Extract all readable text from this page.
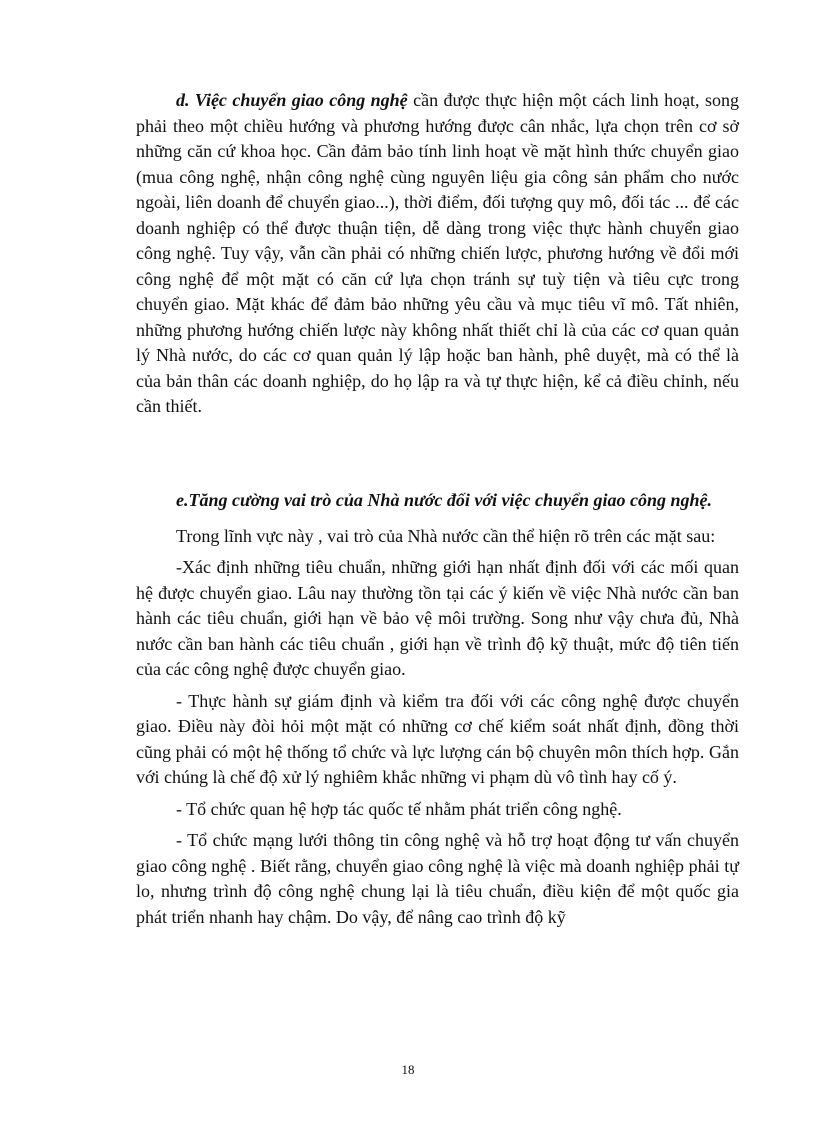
d. Việc chuyển giao công nghệ cần được thực hiện một cách linh hoạt, song phải theo một chiều hướng và phương hướng được cân nhắc, lựa chọn trên cơ sở những căn cứ khoa học. Cần đảm bảo tính linh hoạt về mặt hình thức chuyển giao (mua công nghệ, nhận công nghệ cùng nguyên liệu gia công sản phẩm cho nước ngoài, liên doanh để chuyển giao...), thời điểm, đối tượng quy mô, đối tác ... để các doanh nghiệp có thể được thuận tiện, dễ dàng trong việc thực hành chuyển giao công nghệ. Tuy vậy, vẫn cần phải có những chiến lược, phương hướng về đổi mới công nghệ để một mặt có căn cứ lựa chọn tránh sự tuỳ tiện và tiêu cực trong chuyển giao. Mặt khác để đảm bảo những yêu cầu và mục tiêu vĩ mô. Tất nhiên, những phương hướng chiến lược này không nhất thiết chỉ là của các cơ quan quản lý Nhà nước, do các cơ quan quản lý lập hoặc ban hành, phê duyệt, mà có thể là của bản thân các doanh nghiệp, do họ lập ra và tự thực hiện, kể cả điều chỉnh, nếu cần thiết.

e.Tăng cường vai trò của Nhà nước đối với việc chuyển giao công nghệ.

Trong lĩnh vực này , vai trò của Nhà nước cần thể hiện rõ trên các mặt sau:

-Xác định những tiêu chuẩn, những giới hạn nhất định đối với các mối quan hệ được chuyển giao. Lâu nay thường tồn tại các ý kiến về việc Nhà nước cần ban hành các tiêu chuẩn, giới hạn về bảo vệ môi trường. Song như vậy chưa đủ, Nhà nước cần ban hành các tiêu chuẩn , giới hạn về trình độ kỹ thuật, mức độ tiên tiến của các công nghệ được chuyển giao.

- Thực hành sự giám định và kiểm tra đối với các công nghệ được chuyển giao. Điều này đòi hỏi một mặt có những cơ chế kiểm soát nhất định, đồng thời cũng phải có một hệ thống tổ chức và lực lượng cán bộ chuyên môn thích hợp. Gắn với chúng là chế độ xử lý nghiêm khắc những vi phạm dù vô tình hay cố ý.

- Tổ chức quan hệ hợp tác quốc tế nhằm phát triển công nghệ.

- Tổ chức mạng lưới thông tin công nghệ và hỗ trợ hoạt động tư vấn chuyển giao công nghệ . Biết rằng, chuyển giao công nghệ là việc mà doanh nghiệp phải tự lo, nhưng trình độ công nghệ chung lại là tiêu chuẩn, điều kiện để một quốc gia phát triển nhanh hay chậm. Do vậy, để nâng cao trình độ kỹ

18
